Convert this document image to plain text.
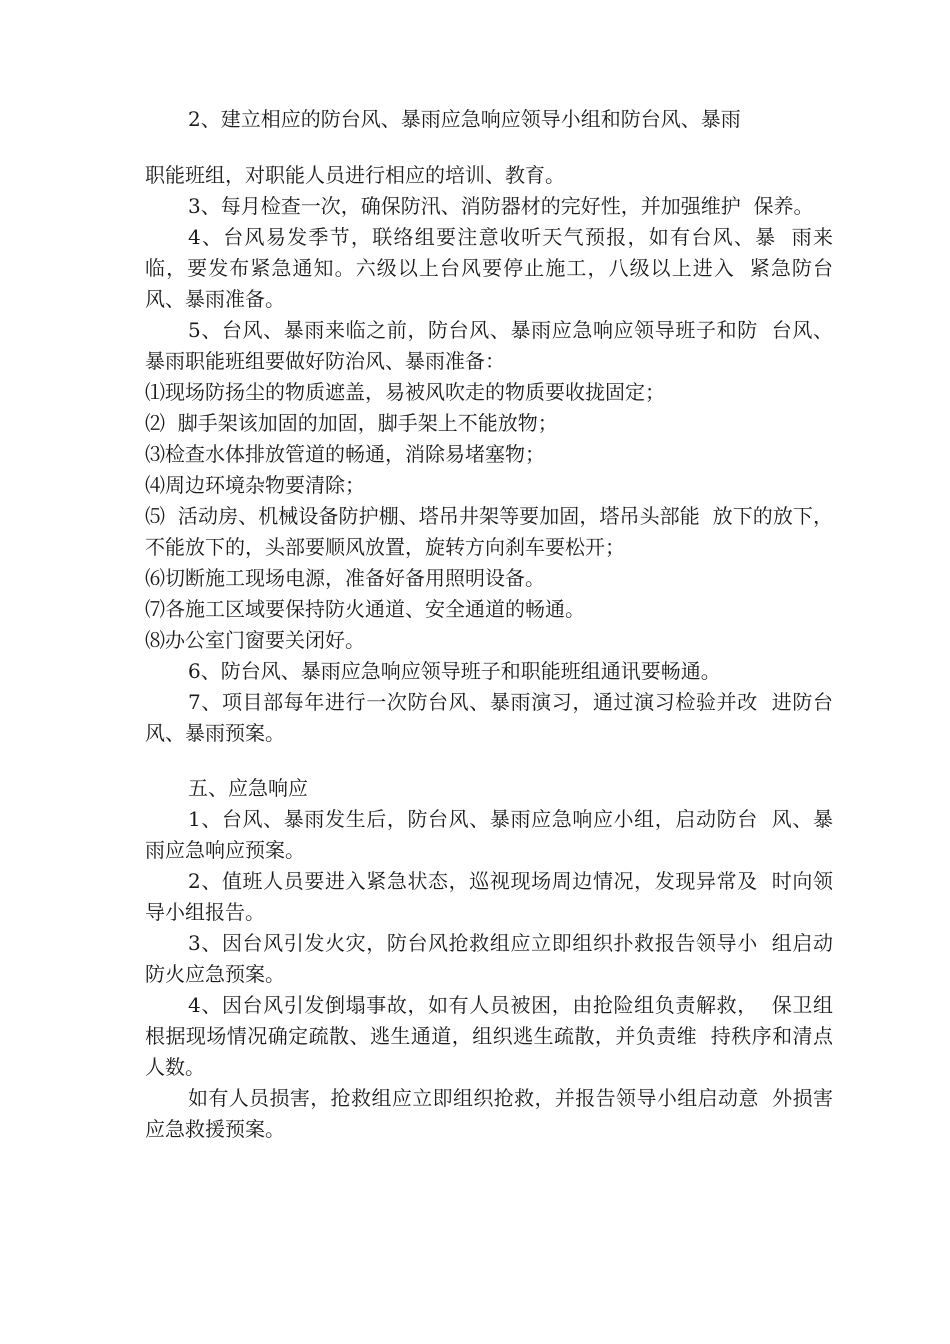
2、建立相应的防台风、暴雨应急响应领导小组和防台风、暴雨

职能班组，对职能人员进行相应的培训、教育。

3、每月检查一次，确保防汛、消防器材的完好性，并加强维护  保养。

4、台风易发季节，联络组要注意收听天气预报，如有台风、暴  雨来临，要发布紧急通知。六级以上台风要停止施工，八级以上进入  紧急防台风、暴雨准备。

5、台风、暴雨来临之前，防台风、暴雨应急响应领导班子和防  台风、暴雨职能班组要做好防治风、暴雨准备：

⑴现场防扬尘的物质遮盖，易被风吹走的物质要收拢固定；

⑵  脚手架该加固的加固，脚手架上不能放物；

⑶检查水体排放管道的畅通，消除易堵塞物；

⑷周边环境杂物要清除；

⑸  活动房、机械设备防护棚、塔吊井架等要加固，塔吊头部能  放下的放下，不能放下的，头部要顺风放置，旋转方向刹车要松开；

⑹切断施工现场电源，准备好备用照明设备。

⑺各施工区域要保持防火通道、安全通道的畅通。

⑻办公室门窗要关闭好。

6、防台风、暴雨应急响应领导班子和职能班组通讯要畅通。

7、项目部每年进行一次防台风、暴雨演习，通过演习检验并改  进防台风、暴雨预案。

五、应急响应

1、台风、暴雨发生后，防台风、暴雨应急响应小组，启动防台  风、暴雨应急响应预案。

2、值班人员要进入紧急状态，巡视现场周边情况，发现异常及  时向领导小组报告。

3、因台风引发火灾，防台风抢救组应立即组织扑救报告领导小  组启动防火应急预案。

4、因台风引发倒塌事故，如有人员被困，由抢险组负责解救，  保卫组根据现场情况确定疏散、逃生通道，组织逃生疏散，并负责维  持秩序和清点人数。

如有人员损害，抢救组应立即组织抢救，并报告领导小组启动意  外损害应急救援预案。
